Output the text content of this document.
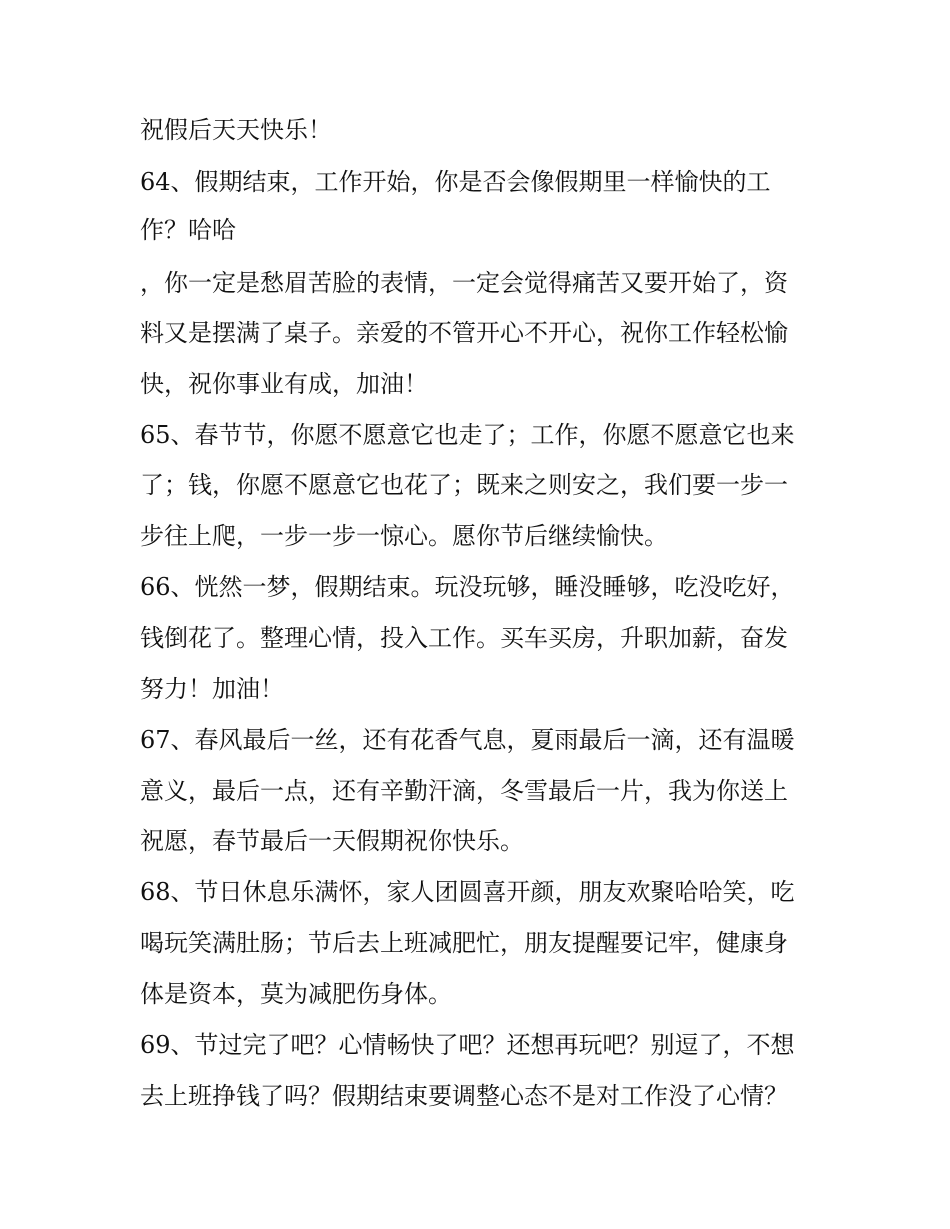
祝假后天天快乐！
64、假期结束，工作开始，你是否会像假期里一样愉快的工
作？哈哈
，你一定是愁眉苦脸的表情，一定会觉得痛苦又要开始了，资
料又是摆满了桌子。亲爱的不管开心不开心，祝你工作轻松愉
快，祝你事业有成，加油！
65、春节节，你愿不愿意它也走了；工作，你愿不愿意它也来
了；钱，你愿不愿意它也花了；既来之则安之，我们要一步一
步往上爬，一步一步一惊心。愿你节后继续愉快。
66、恍然一梦，假期结束。玩没玩够，睡没睡够，吃没吃好，
钱倒花了。整理心情，投入工作。买车买房，升职加薪，奋发
努力！加油！
67、春风最后一丝，还有花香气息，夏雨最后一滴，还有温暖
意义，最后一点，还有辛勤汗滴，冬雪最后一片，我为你送上
祝愿，春节最后一天假期祝你快乐。
68、节日休息乐满怀，家人团圆喜开颜，朋友欢聚哈哈笑，吃
喝玩笑满肚肠；节后去上班减肥忙，朋友提醒要记牢，健康身
体是资本，莫为减肥伤身体。
69、节过完了吧？心情畅快了吧？还想再玩吧？别逗了，不想
去上班挣钱了吗？假期结束要调整心态不是对工作没了心情？
